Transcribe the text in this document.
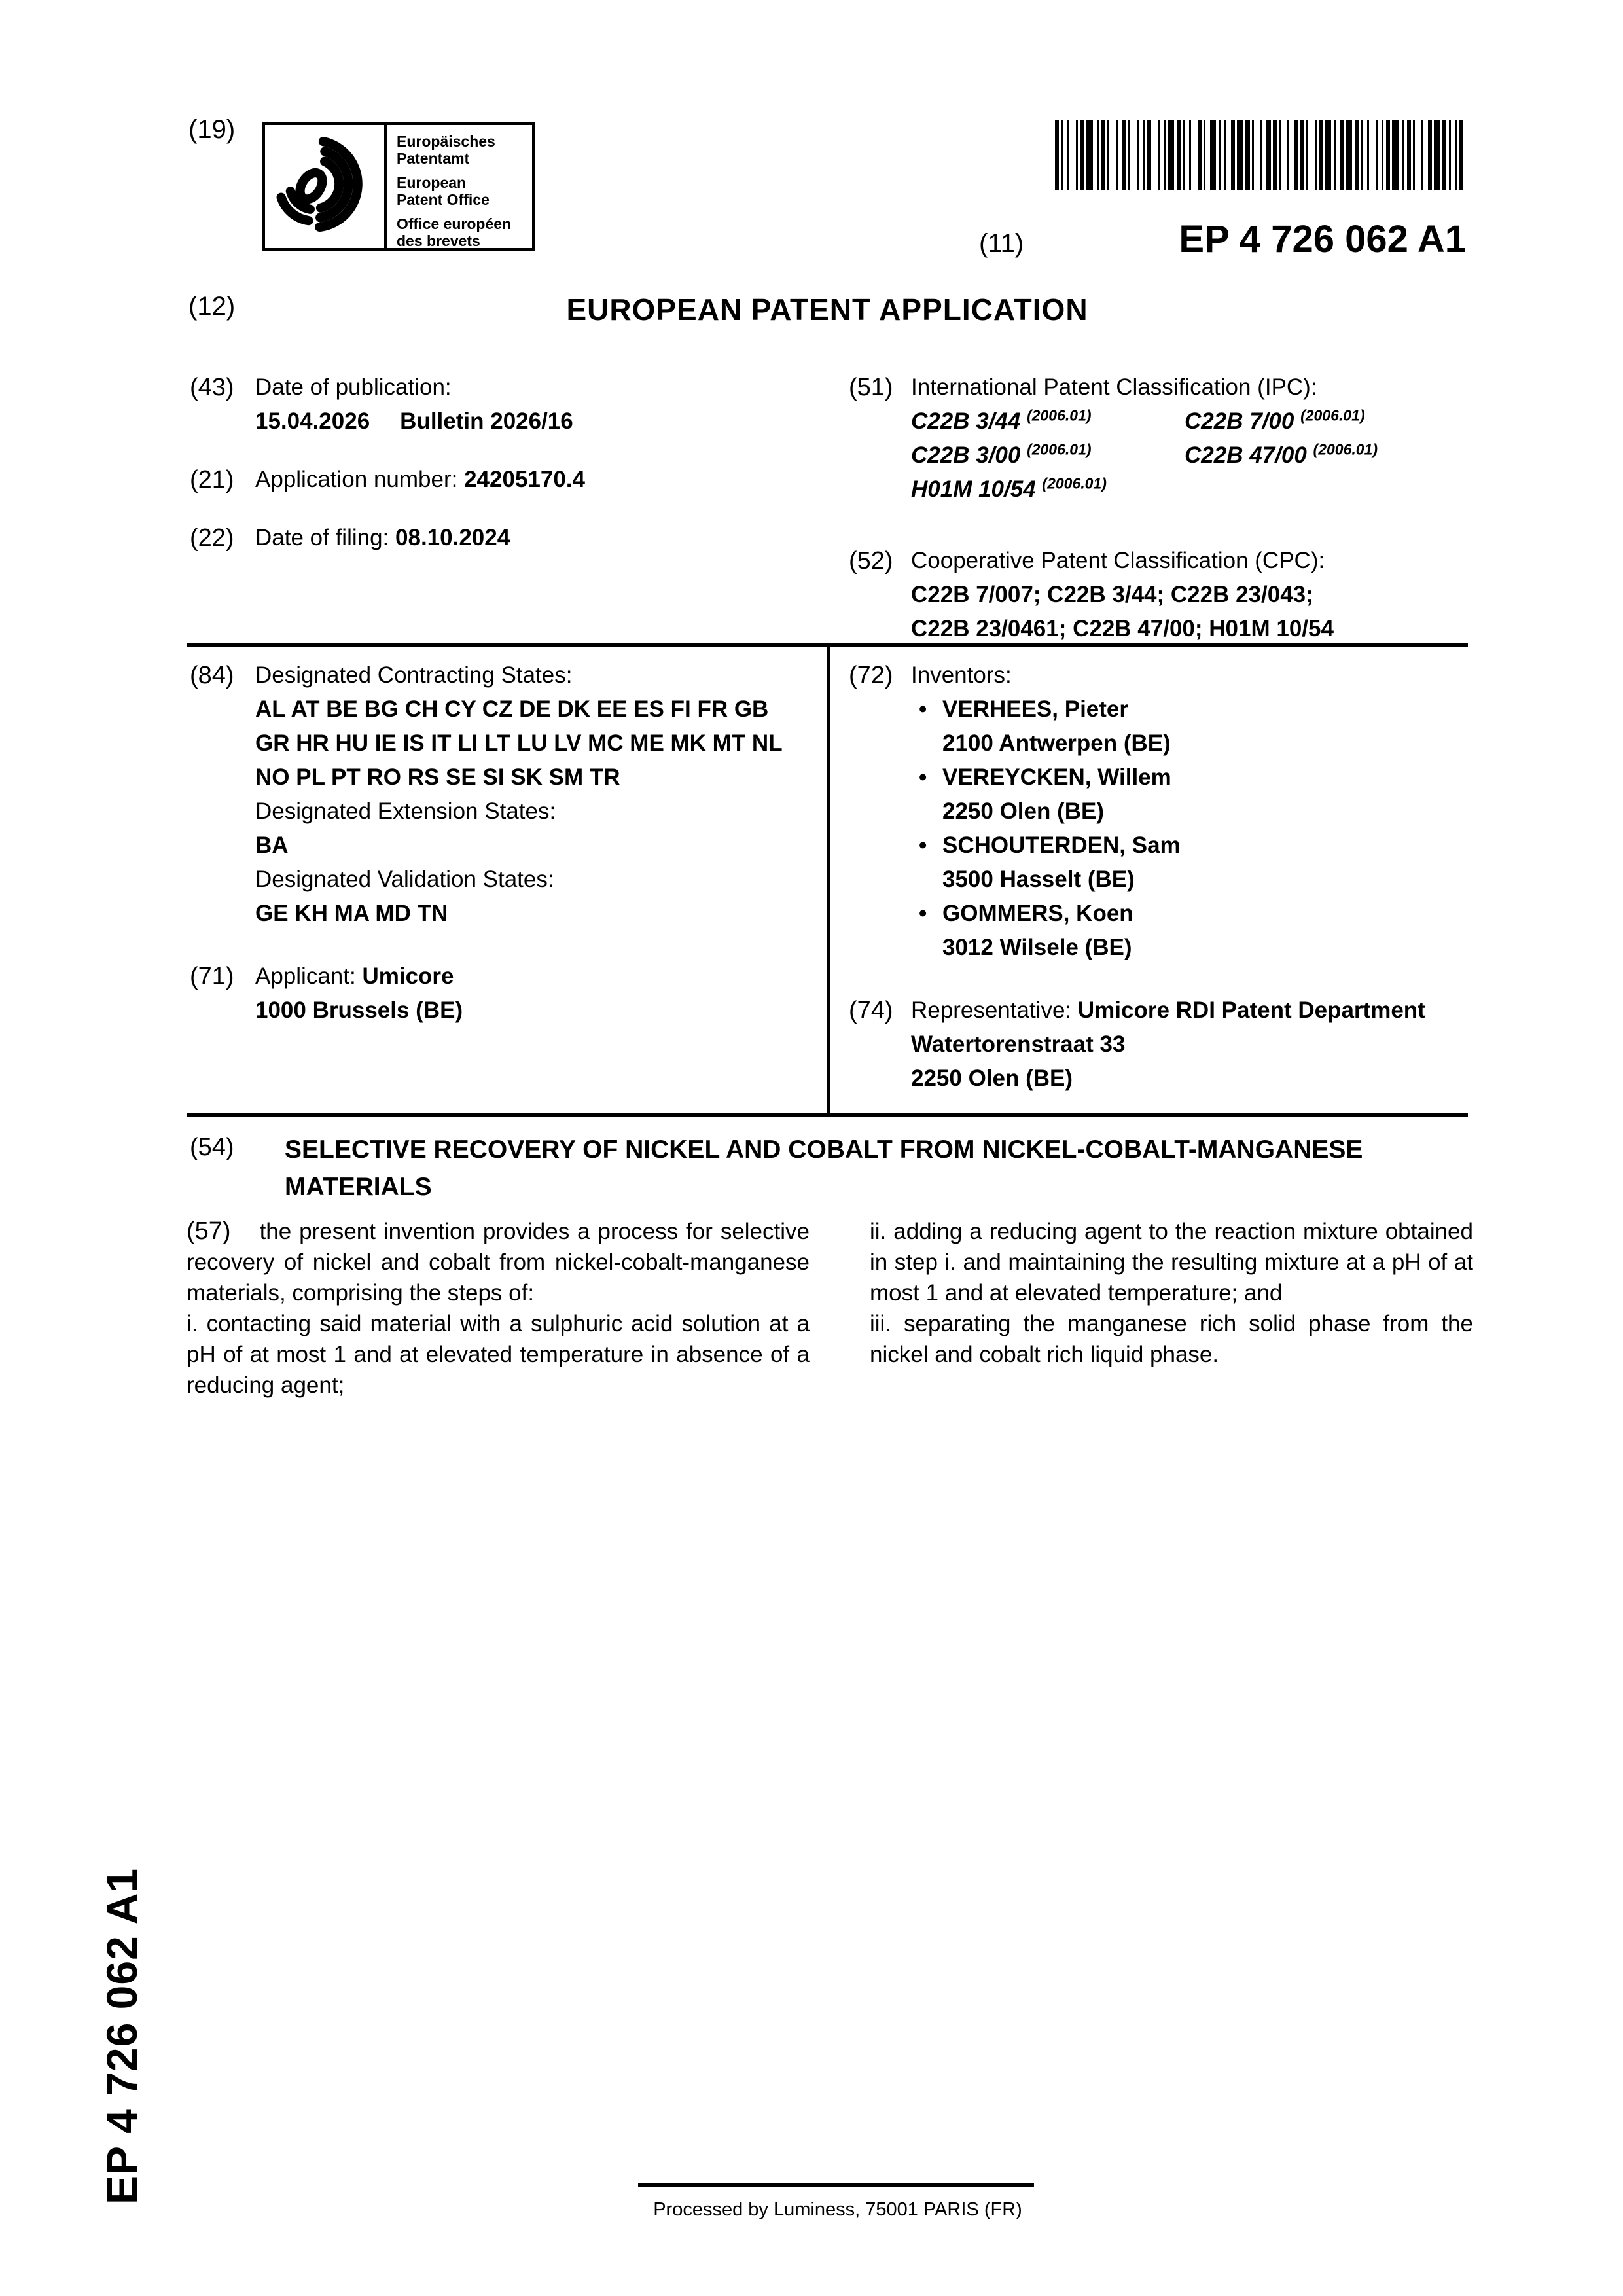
(19)	Europäisches
Patentamt
European
Patent Office
Office européen
des brevets	(11)	EP 4 726 062 A1
(12)	EUROPEAN PATENT APPLICATION
(43) Date of publication:
15.04.2026 Bulletin 2026/16
(21) Application number: 24205170.4
(22) Date of filing: 08.10.2024
(51) International Patent Classification (IPC):
C22B 3/44 $^{(2006.01)}$	C22B 7/00 $^{(2006.01)}$
C22B 3/00 $^{(2006.01)}$	C22B 47/00 $^{(2006.01)}$
H01M 10/54 $^{(2006.01)}$
(52) Cooperative Patent Classification (CPC):
C22B 7/007; C22B 3/44; C22B 23/043;
C22B 23/0461; C22B 47/00; H01M 10/54
(84) Designated Contracting States:
AL AT BE BG CH CY CZ DE DK EE ES FI FR GB
GR HR HU IE IS IT LI LT LU LV MC ME MK MT NL
NO PL PT RO RS SE SI SK SM TR
Designated Extension States:
BA
Designated Validation States:
GE KH MA MD TN
(71) Applicant: Umicore
1000 Brussels (BE)
(72) Inventors:
• VERHEES, Pieter
2100 Antwerpen (BE)
• VEREYCKEN, Willem
2250 Olen (BE)
• SCHOUTERDEN, Sam
3500 Hasselt (BE)
• GOMMERS, Koen
3012 Wilsele (BE)
(74) Representative: Umicore RDI Patent Department
Watertorenstraat 33
2250 Olen (BE)
(54) SELECTIVE RECOVERY OF NICKEL AND COBALT FROM NICKEL-COBALT-MANGANESE MATERIALS
(57) the present invention provides a process for selective recovery of nickel and cobalt from nickel-cobalt-manganese materials, comprising the steps of:
i. contacting said material with a sulphuric acid solution at a pH of at most 1 and at elevated temperature in absence of a reducing agent;
ii. adding a reducing agent to the reaction mixture obtained in step i. and maintaining the resulting mixture at a pH of at most 1 and at elevated temperature; and
iii. separating the manganese rich solid phase from the nickel and cobalt rich liquid phase.
EP 4 726 062 A1
Processed by Luminess, 75001 PARIS (FR)
